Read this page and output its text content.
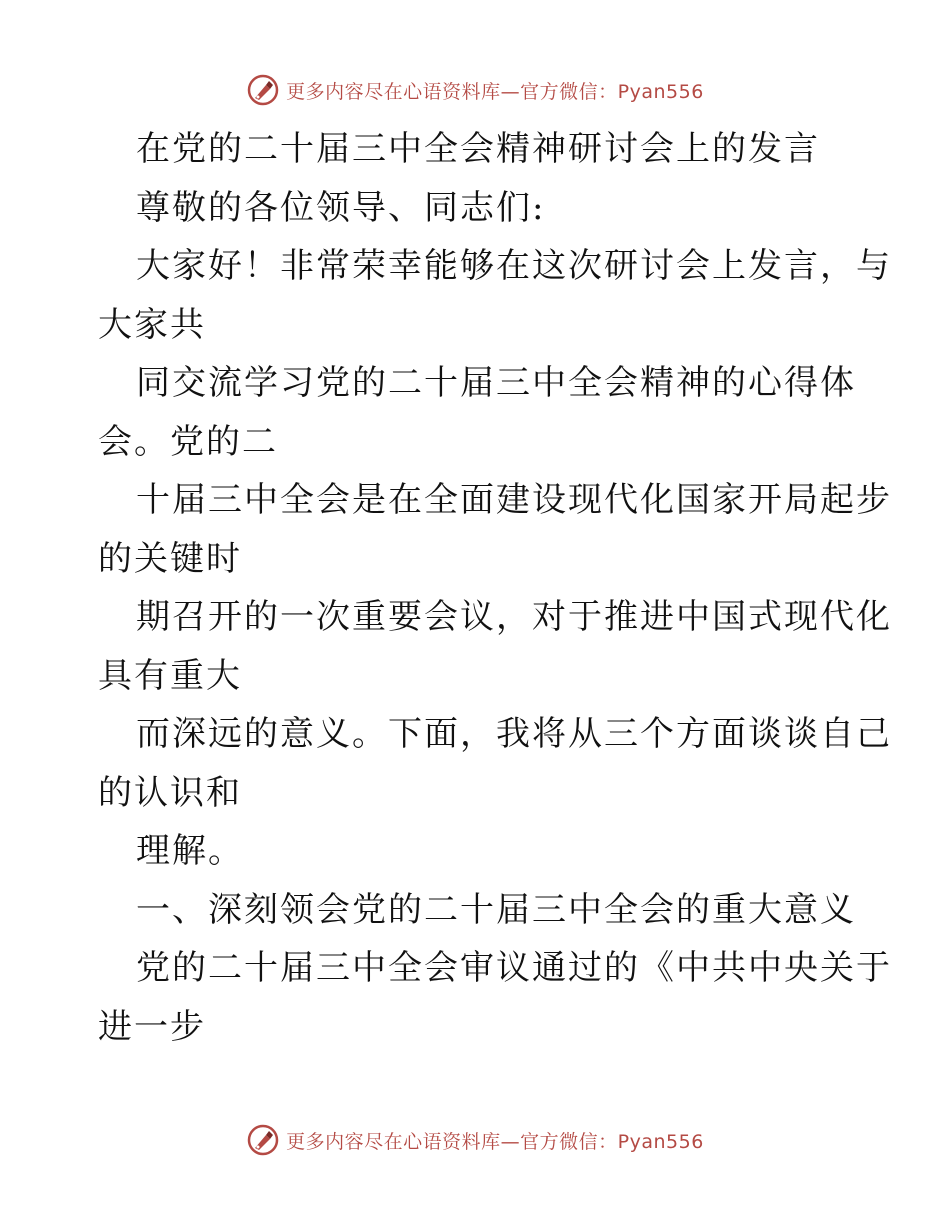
更多内容尽在心语资料库—官方微信：Pyan556
在党的二十届三中全会精神研讨会上的发言
尊敬的各位领导、同志们:
大家好！非常荣幸能够在这次研讨会上发言，与
大家共
同交流学习党的二十届三中全会精神的心得体
会。党的二
十届三中全会是在全面建设现代化国家开局起步
的关键时
期召开的一次重要会议，对于推进中国式现代化
具有重大
而深远的意义。下面，我将从三个方面谈谈自己
的认识和
理解。
一、深刻领会党的二十届三中全会的重大意义
党的二十届三中全会审议通过的《中共中央关于
进一步
更多内容尽在心语资料库—官方微信：Pyan556
